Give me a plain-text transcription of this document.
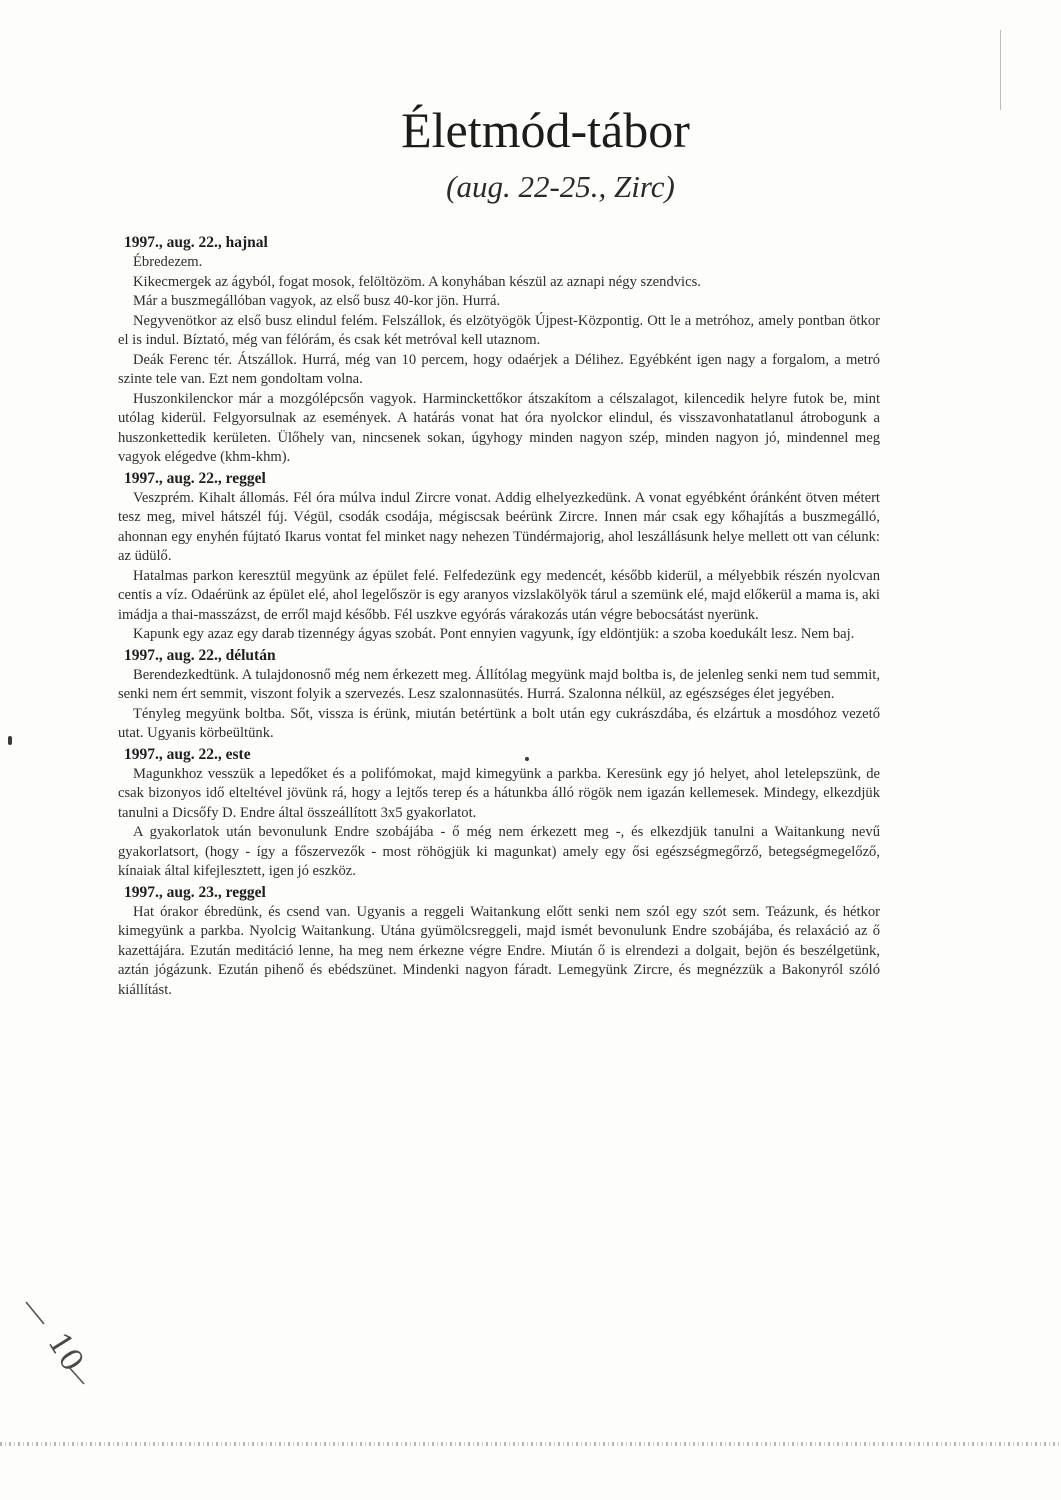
Életmód-tábor
(aug. 22-25., Zirc)
1997., aug. 22., hajnal

Ébredezem.

Kikecmergek az ágyból, fogat mosok, felöltözöm. A konyhában készül az aznapi négy szendvics.

Már a buszmegállóban vagyok, az első busz 40-kor jön. Hurrá.

Negyvenötkor az első busz elindul felém. Felszállok, és elzötyögök Újpest-Központig. Ott le a metróhoz, amely pontban ötkor el is indul. Bíztató, még van félórám, és csak két metróval kell utaznom.

Deák Ferenc tér. Átszállok. Hurrá, még van 10 percem, hogy odaérjek a Délihez. Egyébként igen nagy a forgalom, a metró szinte tele van. Ezt nem gondoltam volna.

Huszonkilenckor már a mozgólépcsőn vagyok. Harminckettőkor átszakítom a célszalagot, kilencedik helyre futok be, mint utólag kiderül. Felgyorsulnak az események. A határás vonat hat óra nyolckor elindul, és visszavonhatatlanul átrobogunk a huszonkettedik kerületen. Ülőhely van, nincsenek sokan, úgyhogy minden nagyon szép, minden nagyon jó, mindennel meg vagyok elégedve (khm-khm).

1997., aug. 22., reggel

Veszprém. Kihalt állomás. Fél óra múlva indul Zircre vonat. Addig elhelyezkedünk. A vonat egyébként óránként ötven métert tesz meg, mivel hátszél fúj. Végül, csodák csodája, mégiscsak beérünk Zircre. Innen már csak egy kőhajítás a buszmegálló, ahonnan egy enyhén fújtató Ikarus vontat fel minket nagy nehezen Tündérmajorig, ahol leszállásunk helye mellett ott van célunk: az üdülő.

Hatalmas parkon keresztül megyünk az épület felé. Felfedezünk egy medencét, később kiderül, a mélyebbik részén nyolcvan centis a víz. Odaérünk az épület elé, ahol legelőször is egy aranyos vizslakölyök tárul a szemünk elé, majd előkerül a mama is, aki imádja a thai-masszázst, de erről majd később. Fél uszkve egyórás várakozás után végre bebocsátást nyerünk.

Kapunk egy azaz egy darab tizennégy ágyas szobát. Pont ennyien vagyunk, így eldöntjük: a szoba koedukált lesz. Nem baj.

1997., aug. 22., délután

Berendezkedtünk. A tulajdonosnő még nem érkezett meg. Állítólag megyünk majd boltba is, de jelenleg senki nem tud semmit, senki nem ért semmit, viszont folyik a szervezés. Lesz szalonnasütés. Hurrá. Szalonna nélkül, az egészséges élet jegyében.

Tényleg megyünk boltba. Sőt, vissza is érünk, miután betértünk a bolt után egy cukrászdába, és elzártuk a mosdóhoz vezető utat. Ugyanis körbeültünk.

1997., aug. 22., este

Magunkhoz vesszük a lepedőket és a polifómokat, majd kimegyünk a parkba. Keresünk egy jó helyet, ahol letelepszünk, de csak bizonyos idő elteltével jövünk rá, hogy a lejtős terep és a hátunkba álló rögök nem igazán kellemesek. Mindegy, elkezdjük tanulni a Dicsőfy D. Endre által összeállított 3x5 gyakorlatot.

A gyakorlatok után bevonulunk Endre szobájába - ő még nem érkezett meg -, és elkezdjük tanulni a Waitankung nevű gyakorlatsort, (hogy - így a főszervezők - most röhögjük ki magunkat) amely egy ősi egészségmegőrző, betegségmegelőző, kínaiak által kifejlesztett, igen jó eszköz.

1997., aug. 23., reggel

Hat órakor ébredünk, és csend van. Ugyanis a reggeli Waitankung előtt senki nem szól egy szót sem. Teázunk, és hétkor kimegyünk a parkba. Nyolcig Waitankung. Utána gyümölcsreggeli, majd ismét bevonulunk Endre szobájába, és relaxáció az ő kazettájára. Ezután meditáció lenne, ha meg nem érkezne végre Endre. Miután ő is elrendezi a dolgait, bejön és beszélgetünk, aztán jógázunk. Ezután pihenő és ebédszünet. Mindenki nagyon fáradt. Lemegyünk Zircre, és megnézzük a Bakonyról szóló kiállítást.

10
